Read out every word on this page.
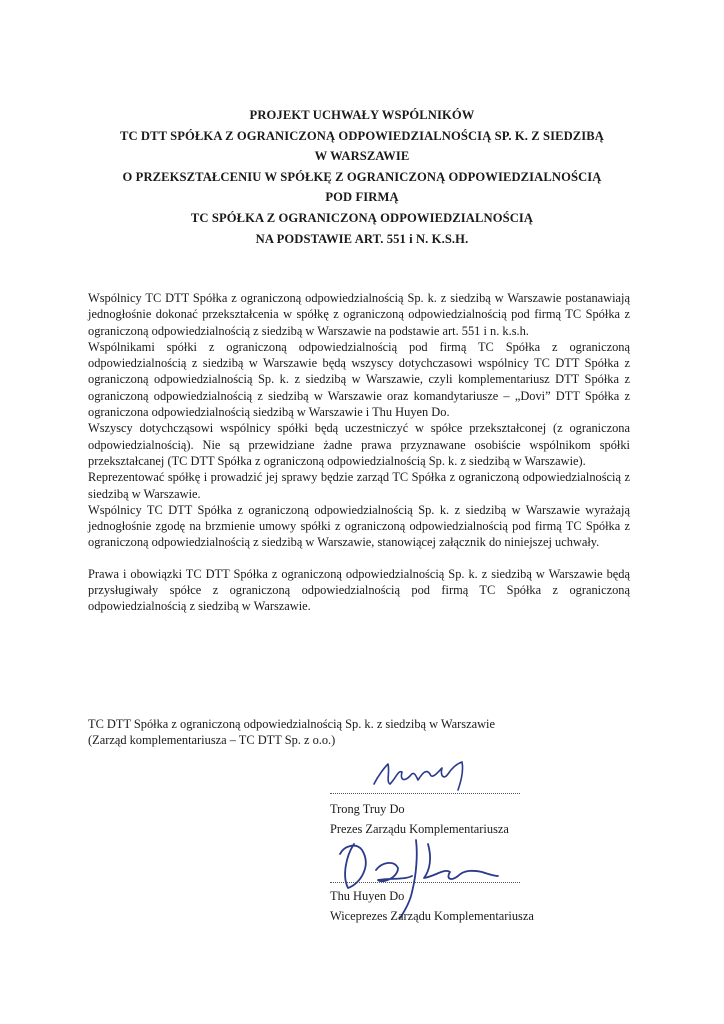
PROJEKT UCHWAŁY WSPÓLNIKÓW
TC DTT SPÓŁKA Z OGRANICZONĄ ODPOWIEDZIALNOŚCIĄ SP. K. Z SIEDZIBĄ
W WARSZAWIE
O PRZEKSZTAŁCENIU W SPÓŁKĘ Z OGRANICZONĄ ODPOWIEDZIALNOŚCIĄ
POD FIRMĄ
TC SPÓŁKA Z OGRANICZONĄ ODPOWIEDZIALNOŚCIĄ
NA PODSTAWIE ART. 551 i N. K.S.H.

Wspólnicy TC DTT Spółka z ograniczoną odpowiedzialnością Sp. k. z siedzibą w Warszawie postanawiają jednogłośnie dokonać przekształcenia w spółkę z ograniczoną odpowiedzialnością pod firmą TC Spółka z ograniczoną odpowiedzialnością z siedzibą w Warszawie na podstawie art. 551 i n. k.s.h.

Wspólnikami spółki z ograniczoną odpowiedzialnością pod firmą TC Spółka z ograniczoną odpowiedzialnością z siedzibą w Warszawie będą wszyscy dotychczasowi wspólnicy TC DTT Spółka z ograniczoną odpowiedzialnością Sp. k. z siedzibą w Warszawie, czyli komplementariusz DTT Spółka z ograniczoną odpowiedzialnością z siedzibą w Warszawie oraz komandytariusze – „Dovi” DTT Spółka z ograniczona odpowiedzialnością siedzibą w Warszawie i Thu Huyen Do.

Wszyscy dotychcząsowi wspólnicy spółki będą uczestniczyć w spółce przekształconej (z ograniczona odpowiedzialnością). Nie są przewidziane żadne prawa przyznawane osobiście wspólnikom spółki przekształcanej (TC DTT Spółka z ograniczoną odpowiedzialnością Sp. k. z siedzibą w Warszawie).

Reprezentować spółkę i prowadzić jej sprawy będzie zarząd TC Spółka z ograniczoną odpowiedzialnością z siedzibą w Warszawie.

Wspólnicy TC DTT Spółka z ograniczoną odpowiedzialnością Sp. k. z siedzibą w Warszawie wyrażają jednogłośnie zgodę na brzmienie umowy spółki z ograniczoną odpowiedzialnością pod firmą TC Spółka z ograniczoną odpowiedzialnością z siedzibą w Warszawie, stanowiącej załącznik do niniejszej uchwały.

Prawa i obowiązki TC DTT Spółka z ograniczoną odpowiedzialnością Sp. k. z siedzibą w Warszawie będą przysługiwały spółce z ograniczoną odpowiedzialnością pod firmą TC Spółka z ograniczoną odpowiedzialnością z siedzibą w Warszawie.

TC DTT Spółka z ograniczoną odpowiedzialnością Sp. k. z siedzibą w Warszawie
(Zarząd komplementariusza – TC DTT Sp. z o.o.)
Trong Truy Do
Prezes Zarządu Komplementariusza
Thu Huyen Do
Wiceprezes Zarządu Komplementariusza
